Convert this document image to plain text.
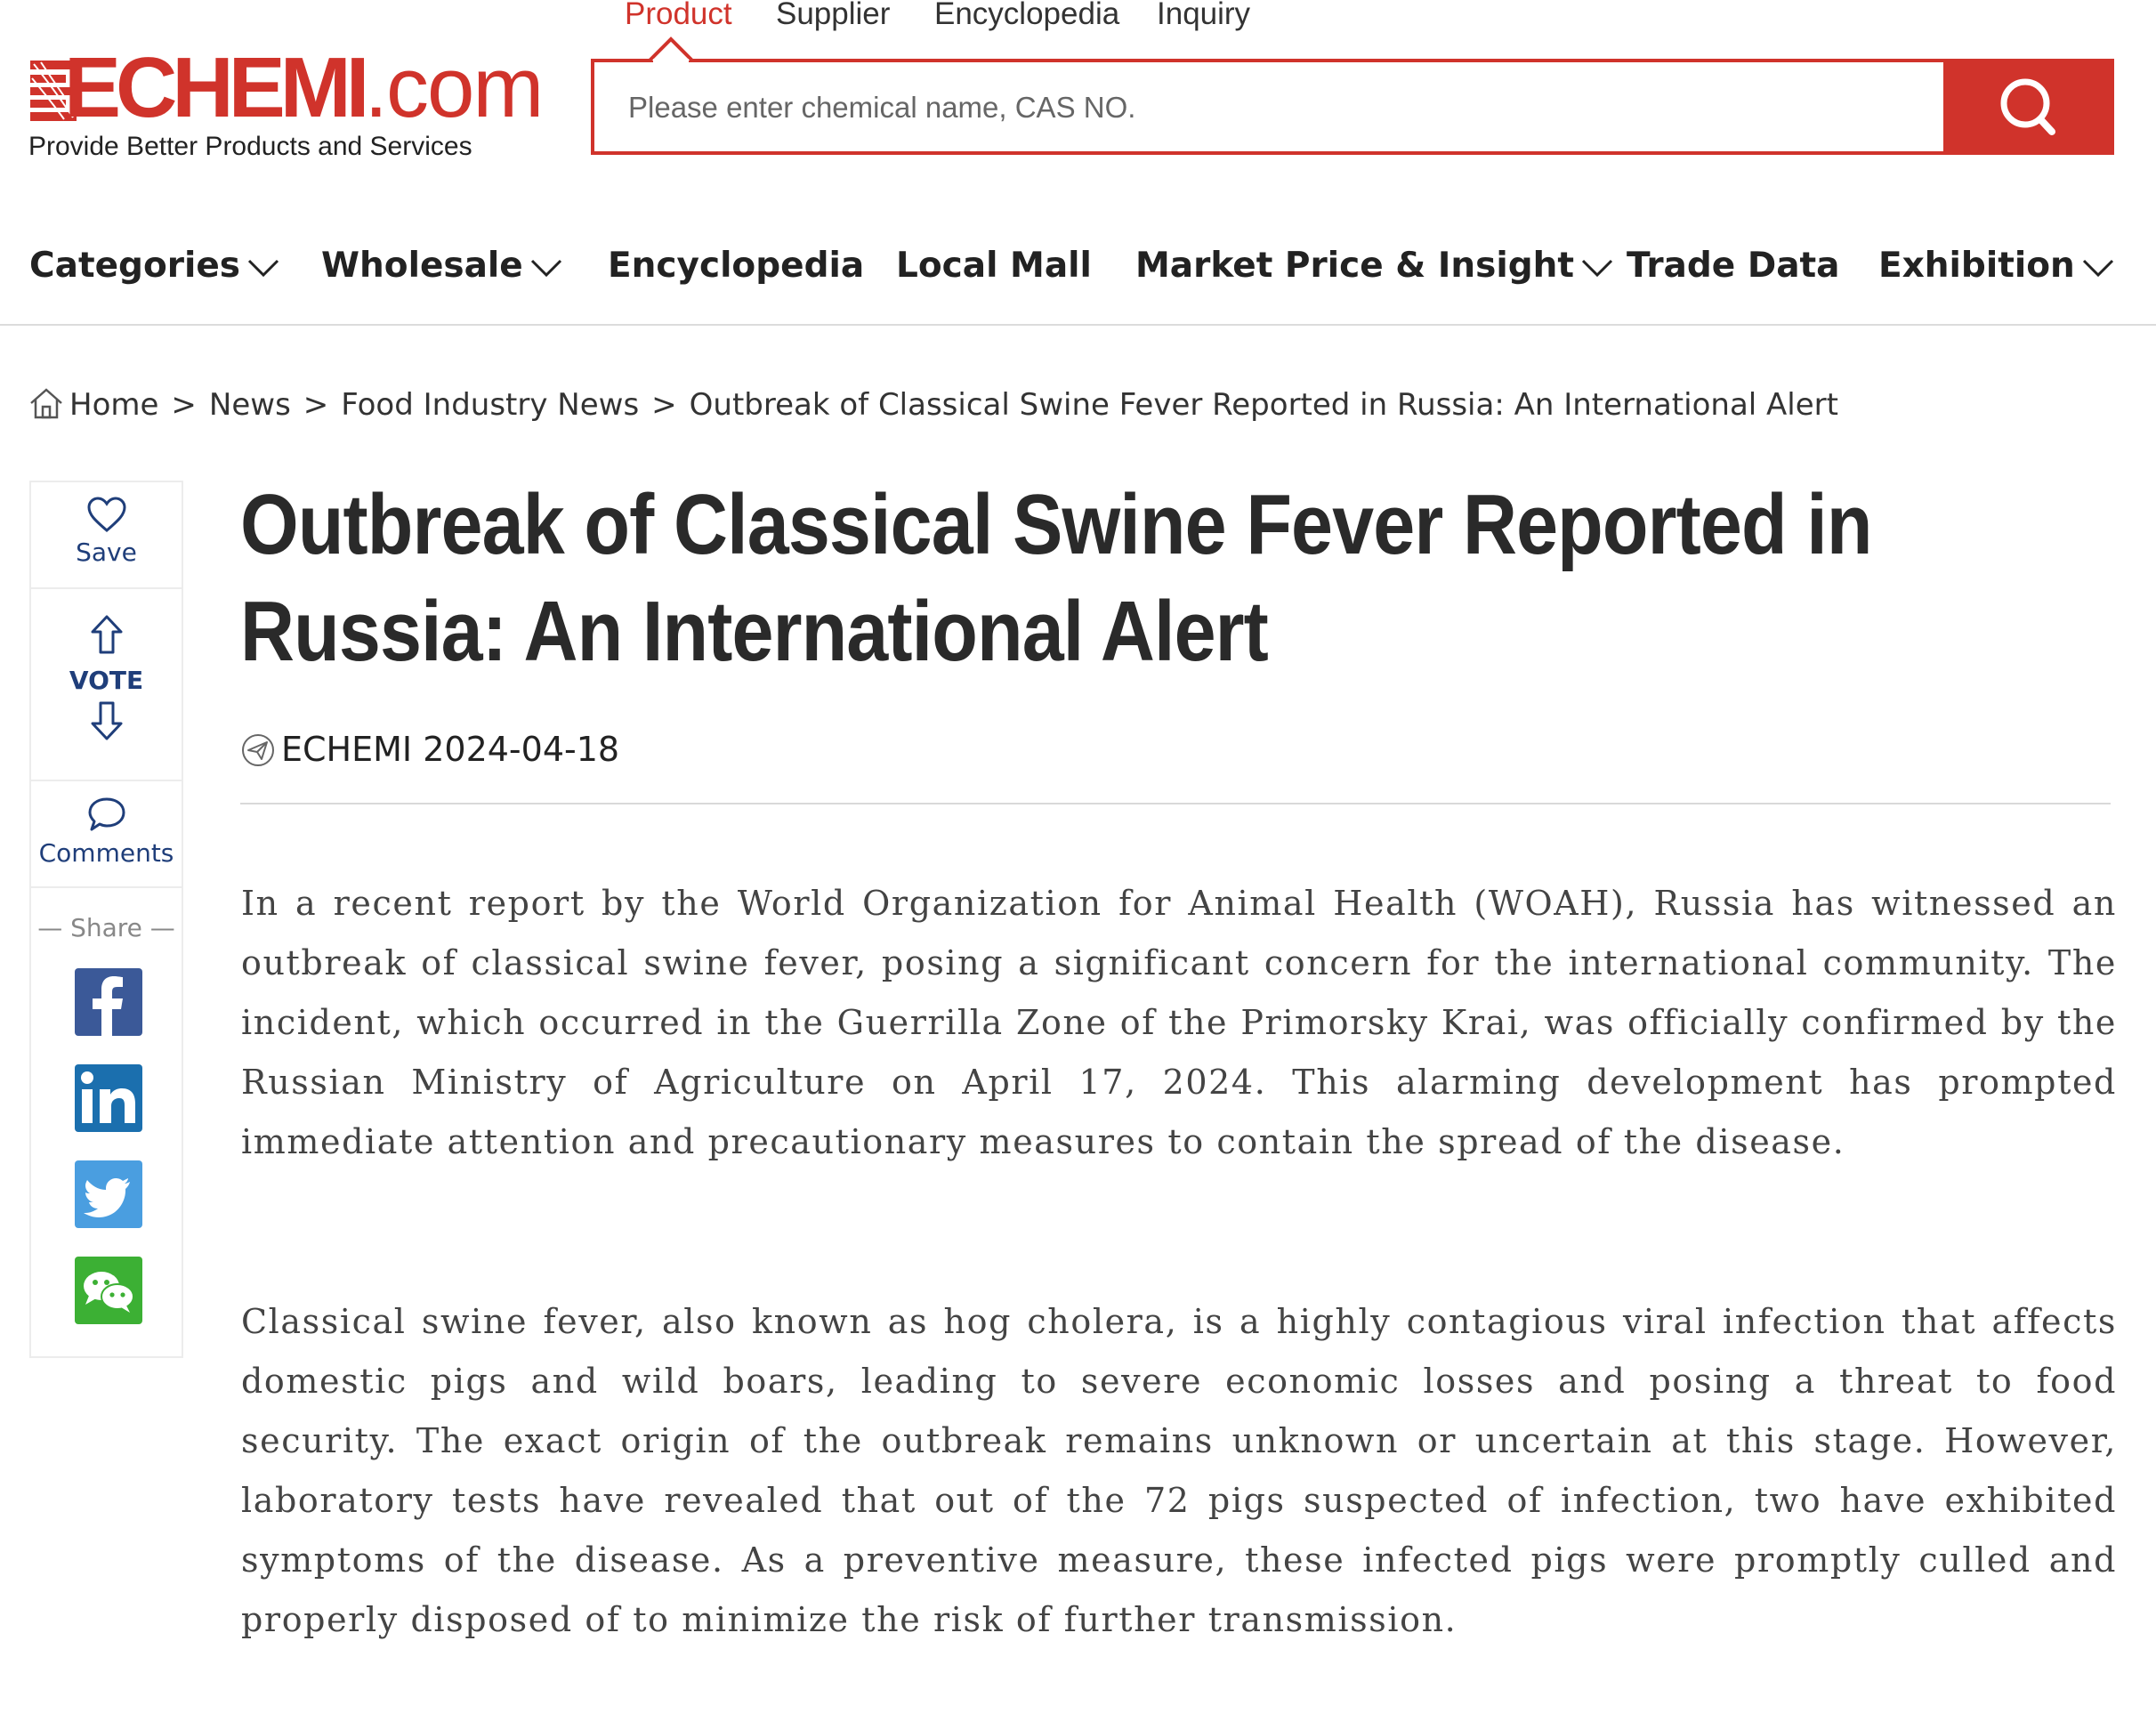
ECHEMI.com
Provide Better Products and Services
Product Supplier Encyclopedia Inquiry
Please enter chemical name, CAS NO.
Categories	Wholesale	Encyclopedia Local Mall Market Price & Insight	Trade Data Exhibition
Home > News > Food Industry News > Outbreak of Classical Swine Fever Reported in Russia: An International Alert
Save
VOTE
Comments
— Share —
Outbreak of Classical Swine Fever Reported in
Russia: An International Alert
ECHEMI 2024-04-18

In a recent report by the World Organization for Animal Health (WOAH), Russia has witnessed an outbreak of classical swine fever, posing a significant concern for the international community. The incident, which occurred in the Guerrilla Zone of the Primorsky Krai, was officially confirmed by the Russian Ministry of Agriculture on April 17, 2024. This alarming development has prompted immediate attention and precautionary measures to contain the spread of the disease.

Classical swine fever, also known as hog cholera, is a highly contagious viral infection that affects domestic pigs and wild boars, leading to severe economic losses and posing a threat to food security. The exact origin of the outbreak remains unknown or uncertain at this stage. However, laboratory tests have revealed that out of the 72 pigs suspected of infection, two have exhibited symptoms of the disease. As a preventive measure, these infected pigs were promptly culled and properly disposed of to minimize the risk of further transmission.
